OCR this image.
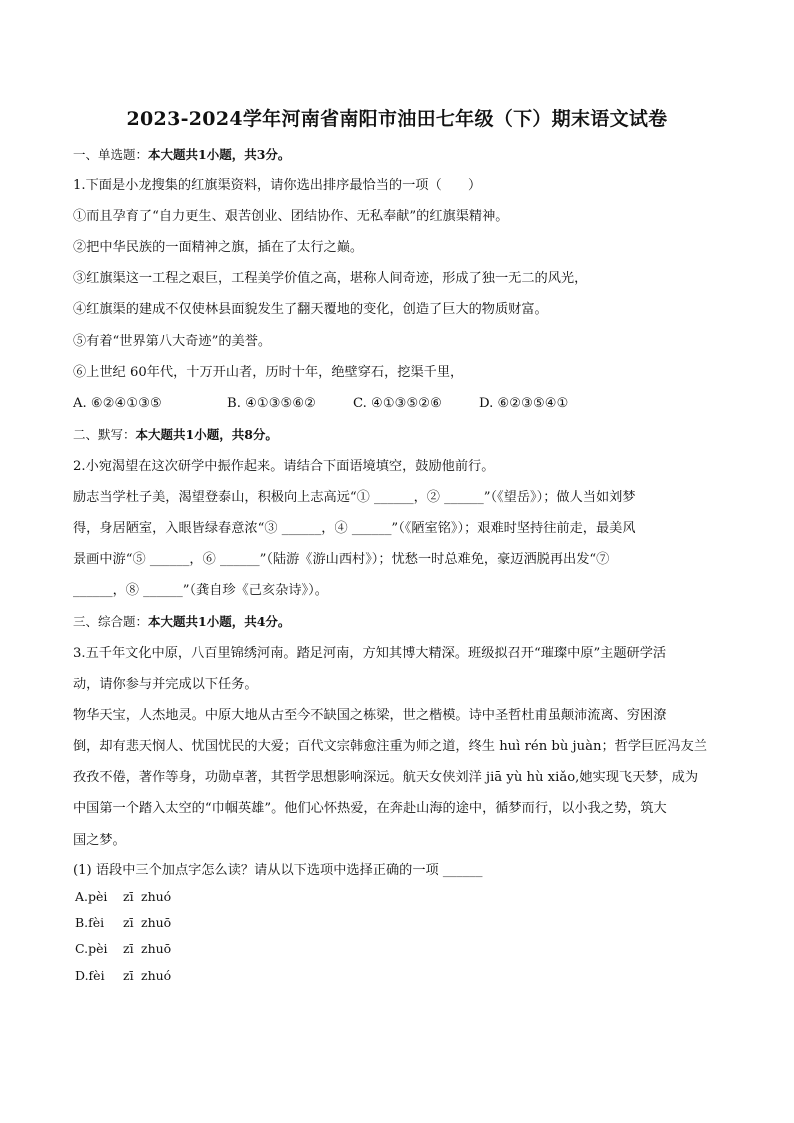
2023-2024学年河南省南阳市油田七年级（下）期末语文试卷
一、单选题：本大题共1小题，共3分。
1.下面是小龙搜集的红旗渠资料，请你选出排序最恰当的一项（　　）
①而且孕育了“自力更生、艰苦创业、团结协作、无私奉献”的红旗渠精神。
②把中华民族的一面精神之旗，插在了太行之巅。
③红旗渠这一工程之艰巨，工程美学价值之高，堪称人间奇迹，形成了独一无二的风光，
④红旗渠的建成不仅使林县面貌发生了翻天覆地的变化，创造了巨大的物质财富。
⑤有着“世界第八大奇迹”的美誉。
⑥上世纪 60年代，十万开山者，历时十年，绝壁穿石，挖渠千里，
A. ⑥②④①③⑤	B. ④①③⑤⑥②	C. ④①③⑤②⑥	D. ⑥②③⑤④①
二、默写：本大题共1小题，共8分。
2.小宛渴望在这次研学中振作起来。请结合下面语境填空，鼓励他前行。
励志当学杜子美，渴望登泰山，积极向上志高远“① ______，② ______”（《望岳》）；做人当如刘梦
得，身居陋室，入眼皆绿春意浓“③ ______，④ ______”（《陋室铭》）；艰难时坚持往前走，最美风
景画中游“⑤ ______，⑥ ______”（陆游《游山西村》）；忧愁一时总难免，豪迈洒脱再出发“⑦
______，⑧ ______”（龚自珍《己亥杂诗》）。
三、综合题：本大题共1小题，共4分。
3.五千年文化中原，八百里锦绣河南。踏足河南，方知其博大精深。班级拟召开“璀璨中原”主题研学活
动，请你参与并完成以下任务。
物华天宝，人杰地灵。中原大地从古至今不缺国之栋梁，世之楷模。诗中圣哲杜甫虽颠沛流离、穷困潦
倒，却有悲天悯人、忧国忧民的大爱；百代文宗韩愈注重为师之道，终生 huì rén bù juàn；哲学巨匠冯友兰
孜孜不倦，著作等身，功勋卓著，其哲学思想影响深远。航天女侠刘洋 jiā yù hù xiǎo,她实现飞天梦，成为
中国第一个踏入太空的“巾帼英雄”。他们心怀热爱，在奔赴山海的途中，循梦而行，以小我之势，筑大
国之梦。
(1) 语段中三个加点字怎么读？请从以下选项中选择正确的一项 ______
A.pèi zī zhuó
B.fèi zī zhuō
C.pèi zī zhuō
D.fèi zī zhuó
